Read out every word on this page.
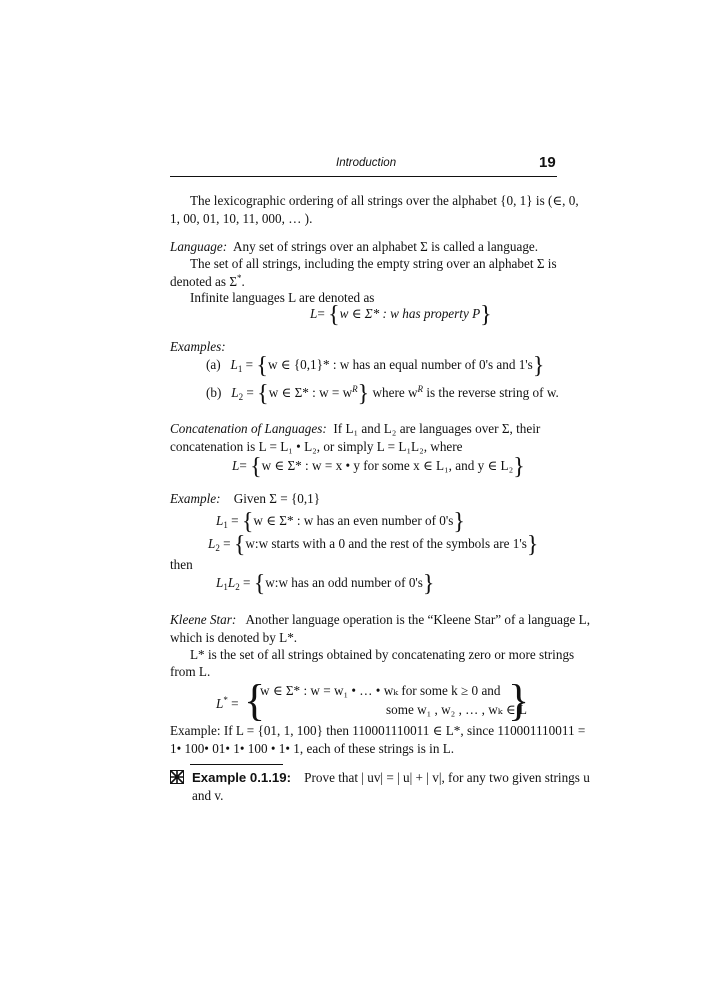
Introduction	19
The lexicographic ordering of all strings over the alphabet {0, 1} is (∈, 0,
1, 00, 01, 10, 11, 000, … ).
Language: Any set of strings over an alphabet Σ is called a language.
The set of all strings, including the empty string over an alphabet Σ is
denoted as Σ*.
Infinite languages L are denoted as
L= {w ∈ Σ* : w has property P}
Examples:
(a) $L_1 = \{w$ ∈ {0,1}* : w has an equal number of 0's and 1's}
(b) $L_2 = \{w$ ∈ Σ* : $w = w^R$} where $w^R$ is the reverse string of w.
Concatenation of Languages: If L₁ and L₂ are languages over Σ, their
concatenation is L = L₁ • L₂, or simply L = L₁L₂, where
L= {w ∈ Σ* : w = x • y for some x ∈ L₁, and y ∈ L₂}
Example: Given Σ = {0,1}
$L_1 = \{w$ ∈ Σ* : w has an even number of 0's}
$L_2$ = {w:w starts with a 0 and the rest of the symbols are 1's}
then
$L_1L_2$ = {w:w has an odd number of 0's}
Kleene Star: Another language operation is the “Kleene Star” of a language L,
which is denoted by L*.
L* is the set of all strings obtained by concatenating zero or more strings
from L.
L* = {
w ∈ Σ* : w = w₁ • … • wₖ for some k ≥ 0 and
some w₁ , w₂ , … , wₖ ∈ L
}
Example: If L = {01, 1, 100} then 110001110011 ∈ L*, since 110001110011 =
1• 100• 01• 1• 100 • 1• 1, each of these strings is in L.
Example 0.1.19: Prove that | uv| = | u| + | v|, for any two given strings u
and v.
